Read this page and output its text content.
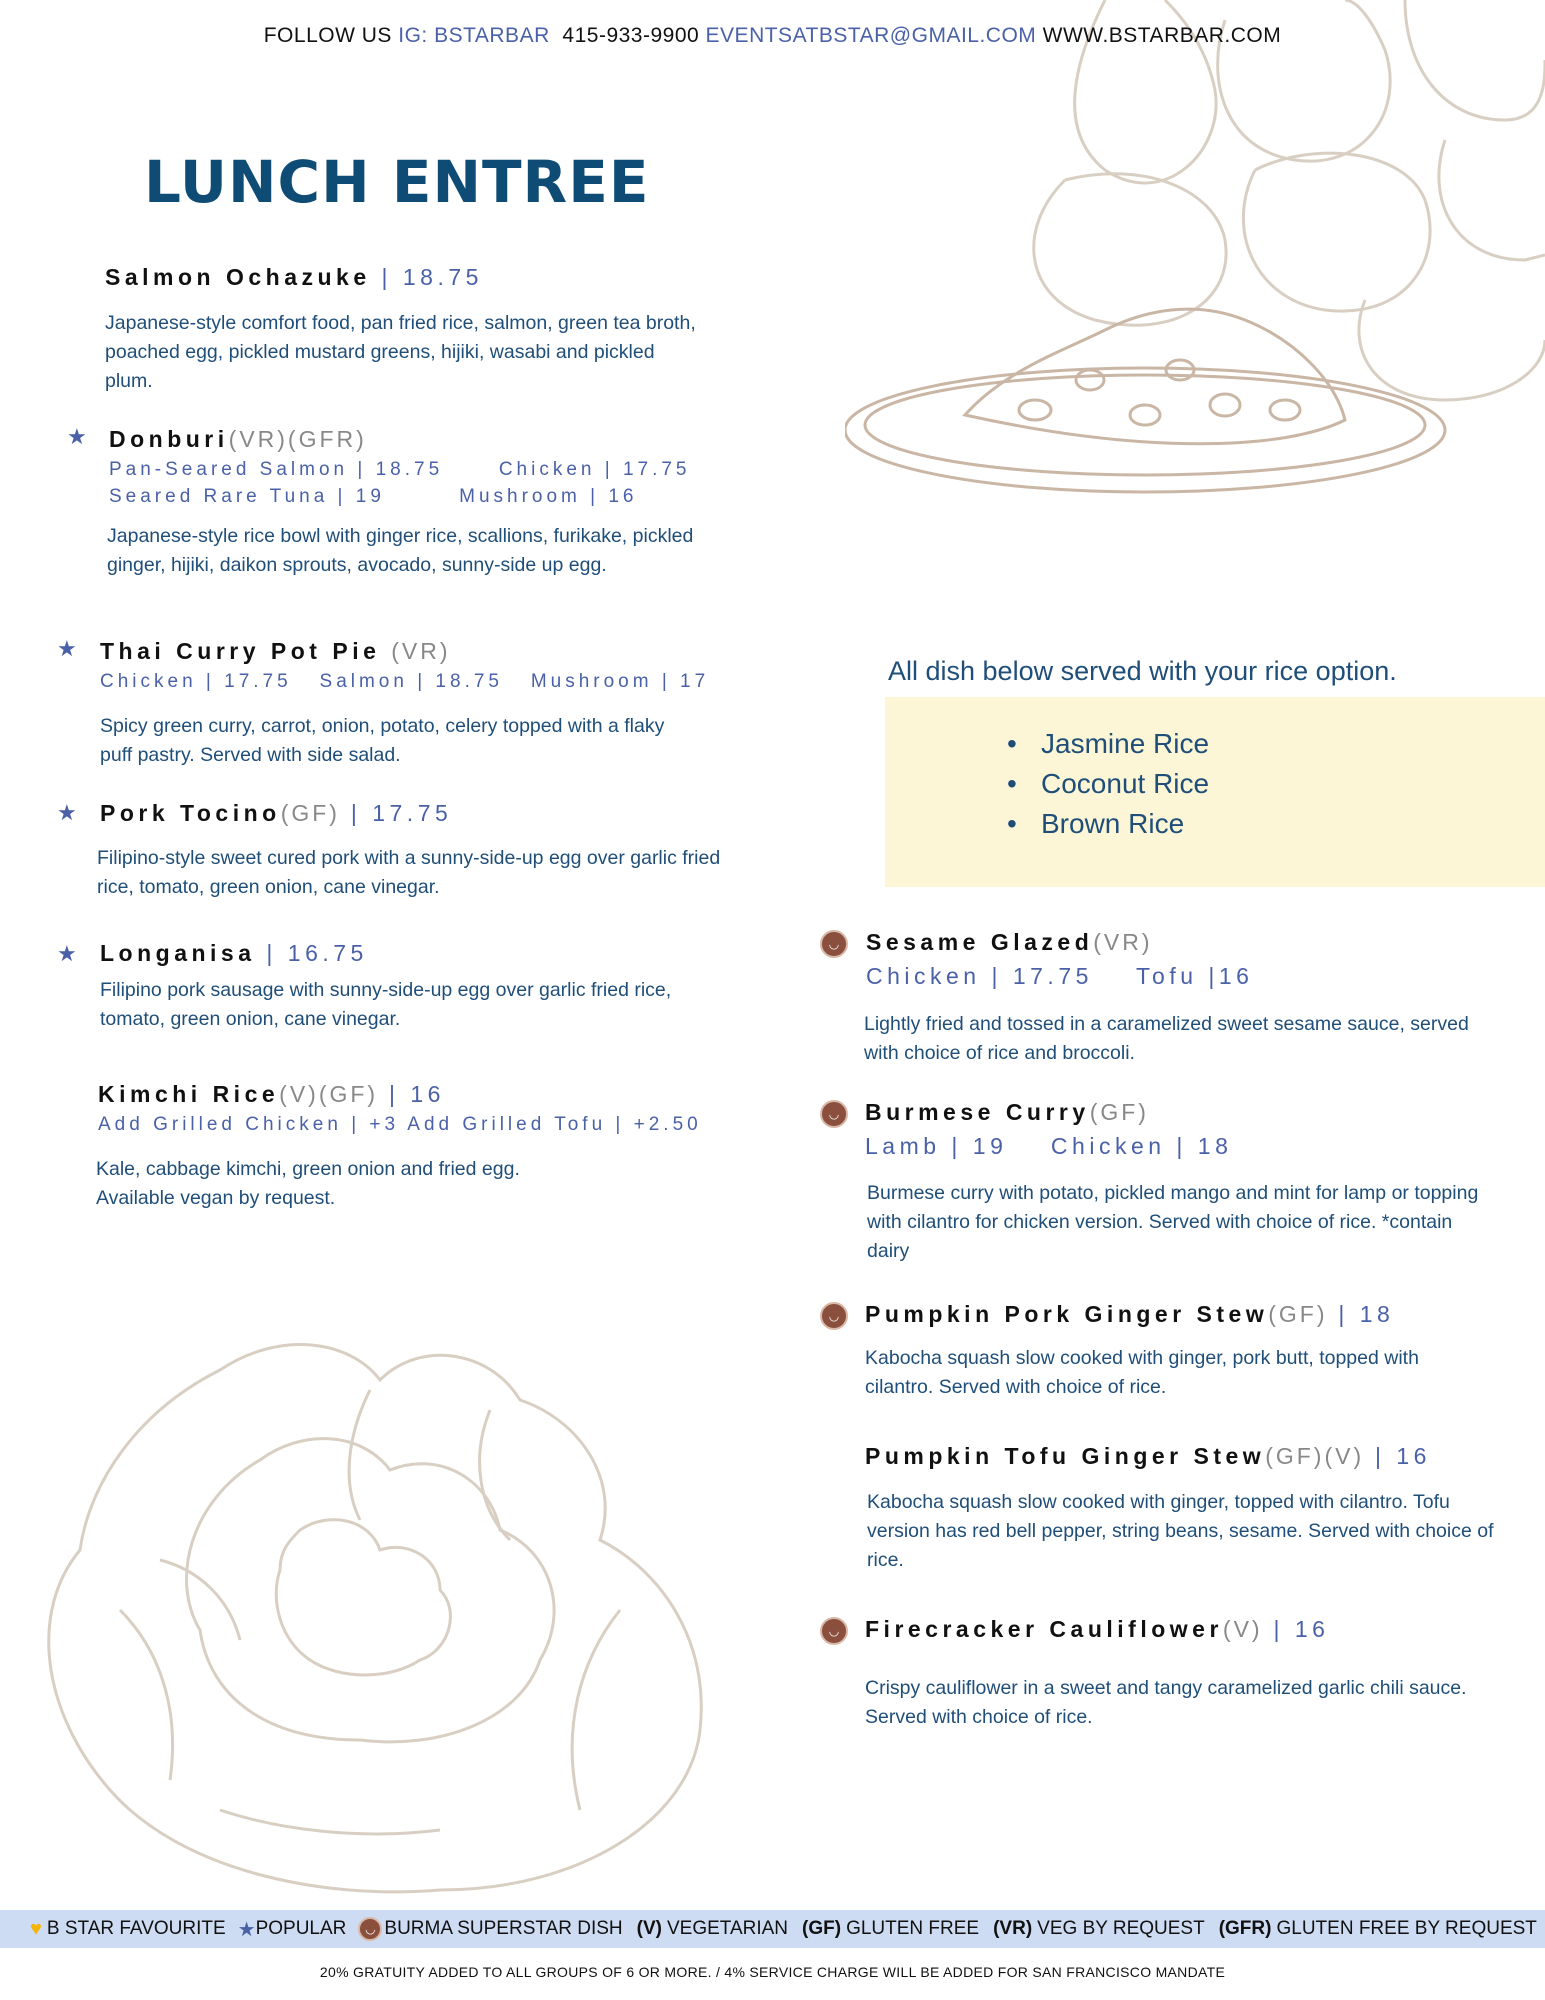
FOLLOW US IG: BSTARBAR 415-933-9900 EVENTSATBSTAR@GMAIL.COM WWW.BSTARBAR.COM
LUNCH ENTREE
Salmon Ochazuke | 18.75
Japanese-style comfort food, pan fried rice, salmon, green tea broth, poached egg, pickled mustard greens, hijiki, wasabi and pickled plum.
★ Donburi(VR)(GFR)
Pan-Seared Salmon | 18.75      Chicken | 17.75
Seared Rare Tuna | 19        Mushroom | 16
Japanese-style rice bowl with ginger rice, scallions, furikake, pickled ginger, hijiki, daikon sprouts, avocado, sunny-side up egg.
★ Thai Curry Pot Pie (VR)
Chicken | 17.75   Salmon | 18.75   Mushroom | 17
Spicy green curry, carrot, onion, potato, celery topped with a flaky puff pastry. Served with side salad.
★ Pork Tocino(GF) | 17.75
Filipino-style sweet cured pork with a sunny-side-up egg over garlic fried rice, tomato, green onion, cane vinegar.
★ Longanisa | 16.75
Filipino pork sausage with sunny-side-up egg over garlic fried rice, tomato, green onion, cane vinegar.
Kimchi Rice(V)(GF) | 16
Add Grilled Chicken | +3 Add Grilled Tofu | +2.50
Kale, cabbage kimchi, green onion and fried egg. Available vegan by request.
All dish below served with your rice option.
• Jasmine Rice
• Coconut Rice
• Brown Rice
◡	Sesame Glazed(VR)
Chicken | 17.75    Tofu |16
Lightly fried and tossed in a caramelized sweet sesame sauce, served with choice of rice and broccoli.
◡	Burmese Curry(GF)
Lamb | 19    Chicken | 18
Burmese curry with potato, pickled mango and mint for lamp or topping with cilantro for chicken version. Served with choice of rice. *contain dairy
◡	Pumpkin Pork Ginger Stew(GF) | 18
Kabocha squash slow cooked with ginger, pork butt, topped with cilantro. Served with choice of rice.
Pumpkin Tofu Ginger Stew(GF)(V) | 16
Kabocha squash slow cooked with ginger, topped with cilantro. Tofu version has red bell pepper, string beans, sesame. Served with choice of rice.
◡	Firecracker Cauliflower(V) | 16
Crispy cauliflower in a sweet and tangy caramelized garlic chili sauce. Served with choice of rice.
♥ B STAR FAVOURITE ★ POPULAR	◡ BURMA SUPERSTAR DISH (V) VEGETARIAN (GF) GLUTEN FREE (VR) VEG BY REQUEST (GFR) GLUTEN FREE BY REQUEST
20% GRATUITY ADDED TO ALL GROUPS OF 6 OR MORE. / 4% SERVICE CHARGE WILL BE ADDED FOR SAN FRANCISCO MANDATE
